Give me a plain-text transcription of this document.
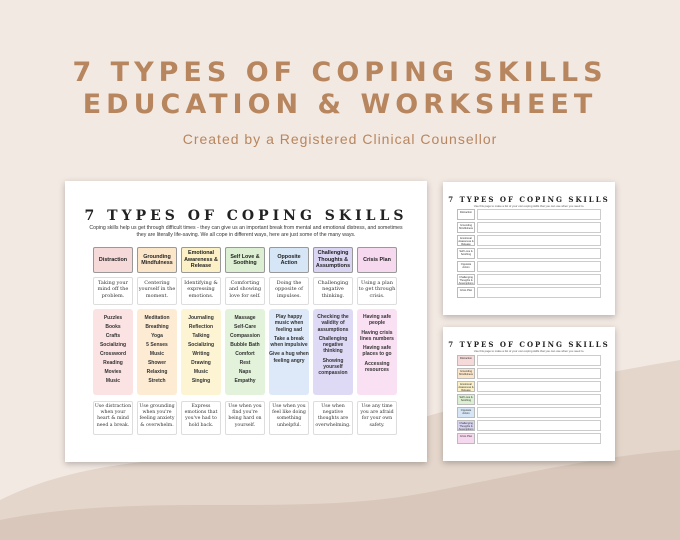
7 TYPES OF COPING SKILLS
EDUCATION & WORKSHEET
Created by a Registered Clinical Counsellor
7 TYPES OF COPING SKILLS
Coping skills help us get through difficult times - they can give us an important break from mental and emotional distress, and sometimes they are literally life-saving. We all cope in different ways, here are just some of the many ways.
Distraction
Taking your mind off the problem.
Puzzles
Books
Crafts
Socializing
Crossword
Reading
Movies
Music
Use distraction when your heart & mind need a break.
Grounding Mindfulness
Centering yourself in the moment.
Meditation
Breathing
Yoga
5 Senses
Music
Shower
Relaxing
Stretch
Use grounding when you're feeling anxiety & overwhelm.
Emotional Awareness & Release
Identifying & expressing emotions.
Journaling
Reflection
Talking
Socializing
Writing
Drawing
Music
Singing
Express emotions that you've had to hold back.
Self Love & Soothing
Comforting and showing love for self.
Massage
Self-Care
Compassion
Bubble Bath
Comfort
Rest
Naps
Empathy
Use when you find you're being hard on yourself.
Opposite Action
Doing the opposite of impulses.
Play happy music when feeling sad
Take a break when impulsive
Give a hug when feeling angry
Use when you feel like doing something unhelpful.
Challenging Thoughts & Assumptions
Challenging negative thinking.
Checking the validity of assumptions
Challenging negative thinking
Showing yourself compassion
Use when negative thoughts are overwhelming.
Crisis Plan
Using a plan to get through crisis.
Having safe people
Having crisis lines numbers
Having safe places to go
Accessing resources
Use any time you are afraid for your own safety.
7 TYPES OF COPING SKILLS
Use this page to make a list of your own coping skills that you can use when you need to.
Distraction
Grounding Mindfulness
Emotional Awareness & Release
Self Love & Soothing
Opposite Action
Challenging Thoughts & Assumptions
Crisis Plan
7 TYPES OF COPING SKILLS
Use this page to make a list of your own coping skills that you can use when you need to.
Distraction
Grounding Mindfulness
Emotional Awareness & Release
Self Love & Soothing
Opposite Action
Challenging Thoughts & Assumptions
Crisis Plan
